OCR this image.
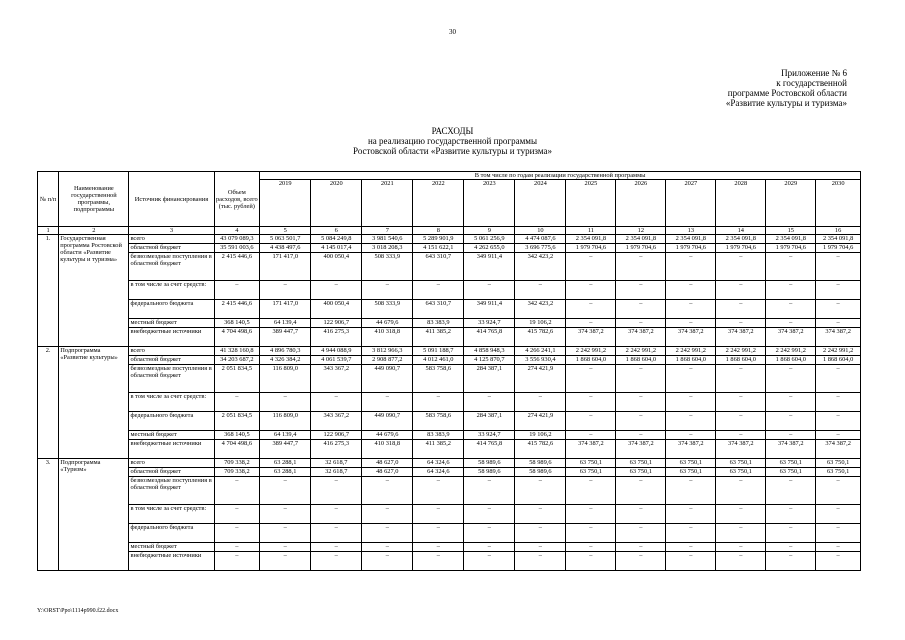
30
Приложение № 6
к государственной
программе Ростовской области
«Развитие культуры и туризма»
РАСХОДЫ
на реализацию государственной программы
Ростовской области «Развитие культуры и туризма»
№ п/п	Наименование государственной программы, подпрограммы	Источник финансирования	Объем расходов, всего (тыс. рублей)	В том числе по годам реализации государственной программы											
				2019	2020	2021	2022	2023	2024	2025	2026	2027	2028	2029	2030
1	2	3	4	5	6	7	8	9	10	11	12	13	14	15	16
1.	Государственная программа Ростовской области «Развитие культуры и туризма»	всего	43 079 089,3	5 063 501,7	5 084 249,8	3 981 540,6	5 289 901,9	5 061 256,9	4 474 087,6	2 354 091,8	2 354 091,8	2 354 091,8	2 354 091,8	2 354 091,8	2 354 091,8
		областной бюджет	35 591 003,6	4 438 497,6	4 145 017,4	3 018 208,3	4 151 622,1	4 262 655,0	3 696 775,6	1 979 704,6	1 979 704,6	1 979 704,6	1 979 704,6	1 979 704,6	1 979 704,6
		безвозмездные поступления в областной бюджет	2 415 446,6	171 417,0	400 050,4	508 333,9	643 310,7	349 911,4	342 423,2	–	–	–	–	–	–
		в том числе за счет средств:	–	–	–	–	–	–	–	–	–	–	–	–	–
		федерального бюджета	2 415 446,6	171 417,0	400 050,4	508 333,9	643 310,7	349 911,4	342 423,2	–	–	–	–	–	–
		местный бюджет	368 140,5	64 139,4	122 906,7	44 679,6	83 383,9	33 924,7	19 106,2	–	–	–	–	–	–
		внебюджетные источники	4 704 498,6	389 447,7	416 275,3	410 318,8	411 385,2	414 765,8	415 782,6	374 387,2	374 387,2	374 387,2	374 387,2	374 387,2	374 387,2
2.	Подпрограмма «Развитие культуры»	всего	41 328 160,8	4 896 780,3	4 944 088,9	3 812 966,3	5 091 188,7	4 858 948,3	4 266 241,1	2 242 991,2	2 242 991,2	2 242 991,2	2 242 991,2	2 242 991,2	2 242 991,2
		областной бюджет	34 203 687,2	4 326 384,2	4 061 539,7	2 908 877,2	4 012 461,0	4 125 870,7	3 556 930,4	1 868 604,0	1 868 604,0	1 868 604,0	1 868 604,0	1 868 604,0	1 868 604,0
		безвозмездные поступления в областной бюджет	2 051 834,5	116 809,0	343 367,2	449 090,7	583 758,6	284 387,1	274 421,9	–	–	–	–	–	–
		в том числе за счет средств:	–	–	–	–	–	–	–	–	–	–	–	–	–
		федерального бюджета	2 051 834,5	116 809,0	343 367,2	449 090,7	583 758,6	284 387,1	274 421,9	–	–	–	–	–	–
		местный бюджет	368 140,5	64 139,4	122 906,7	44 679,6	83 383,9	33 924,7	19 106,2	–	–	–	–	–	–
		внебюджетные источники	4 704 498,6	389 447,7	416 275,3	410 318,8	411 385,2	414 765,8	415 782,6	374 387,2	374 387,2	374 387,2	374 387,2	374 387,2	374 387,2
3.	Подпрограмма «Туризм»	всего	709 338,2	63 288,1	32 618,7	48 627,0	64 324,6	58 989,6	58 989,6	63 750,1	63 750,1	63 750,1	63 750,1	63 750,1	63 750,1
		областной бюджет	709 338,2	63 288,1	32 618,7	48 627,0	64 324,6	58 989,6	58 989,6	63 750,1	63 750,1	63 750,1	63 750,1	63 750,1	63 750,1
		безвозмездные поступления в областной бюджет	–	–	–	–	–	–	–	–	–	–	–	–	–
		в том числе за счет средств:	–	–	–	–	–	–	–	–	–	–	–	–	–
		федерального бюджета	–	–	–	–	–	–	–	–	–	–	–	–	–
		местный бюджет	–	–	–	–	–	–	–	–	–	–	–	–	–
		внебюджетные источники	–	–	–	–	–	–	–	–	–	–	–	–	–
Y:\ORST\Ppo\1114p990.f22.docx
